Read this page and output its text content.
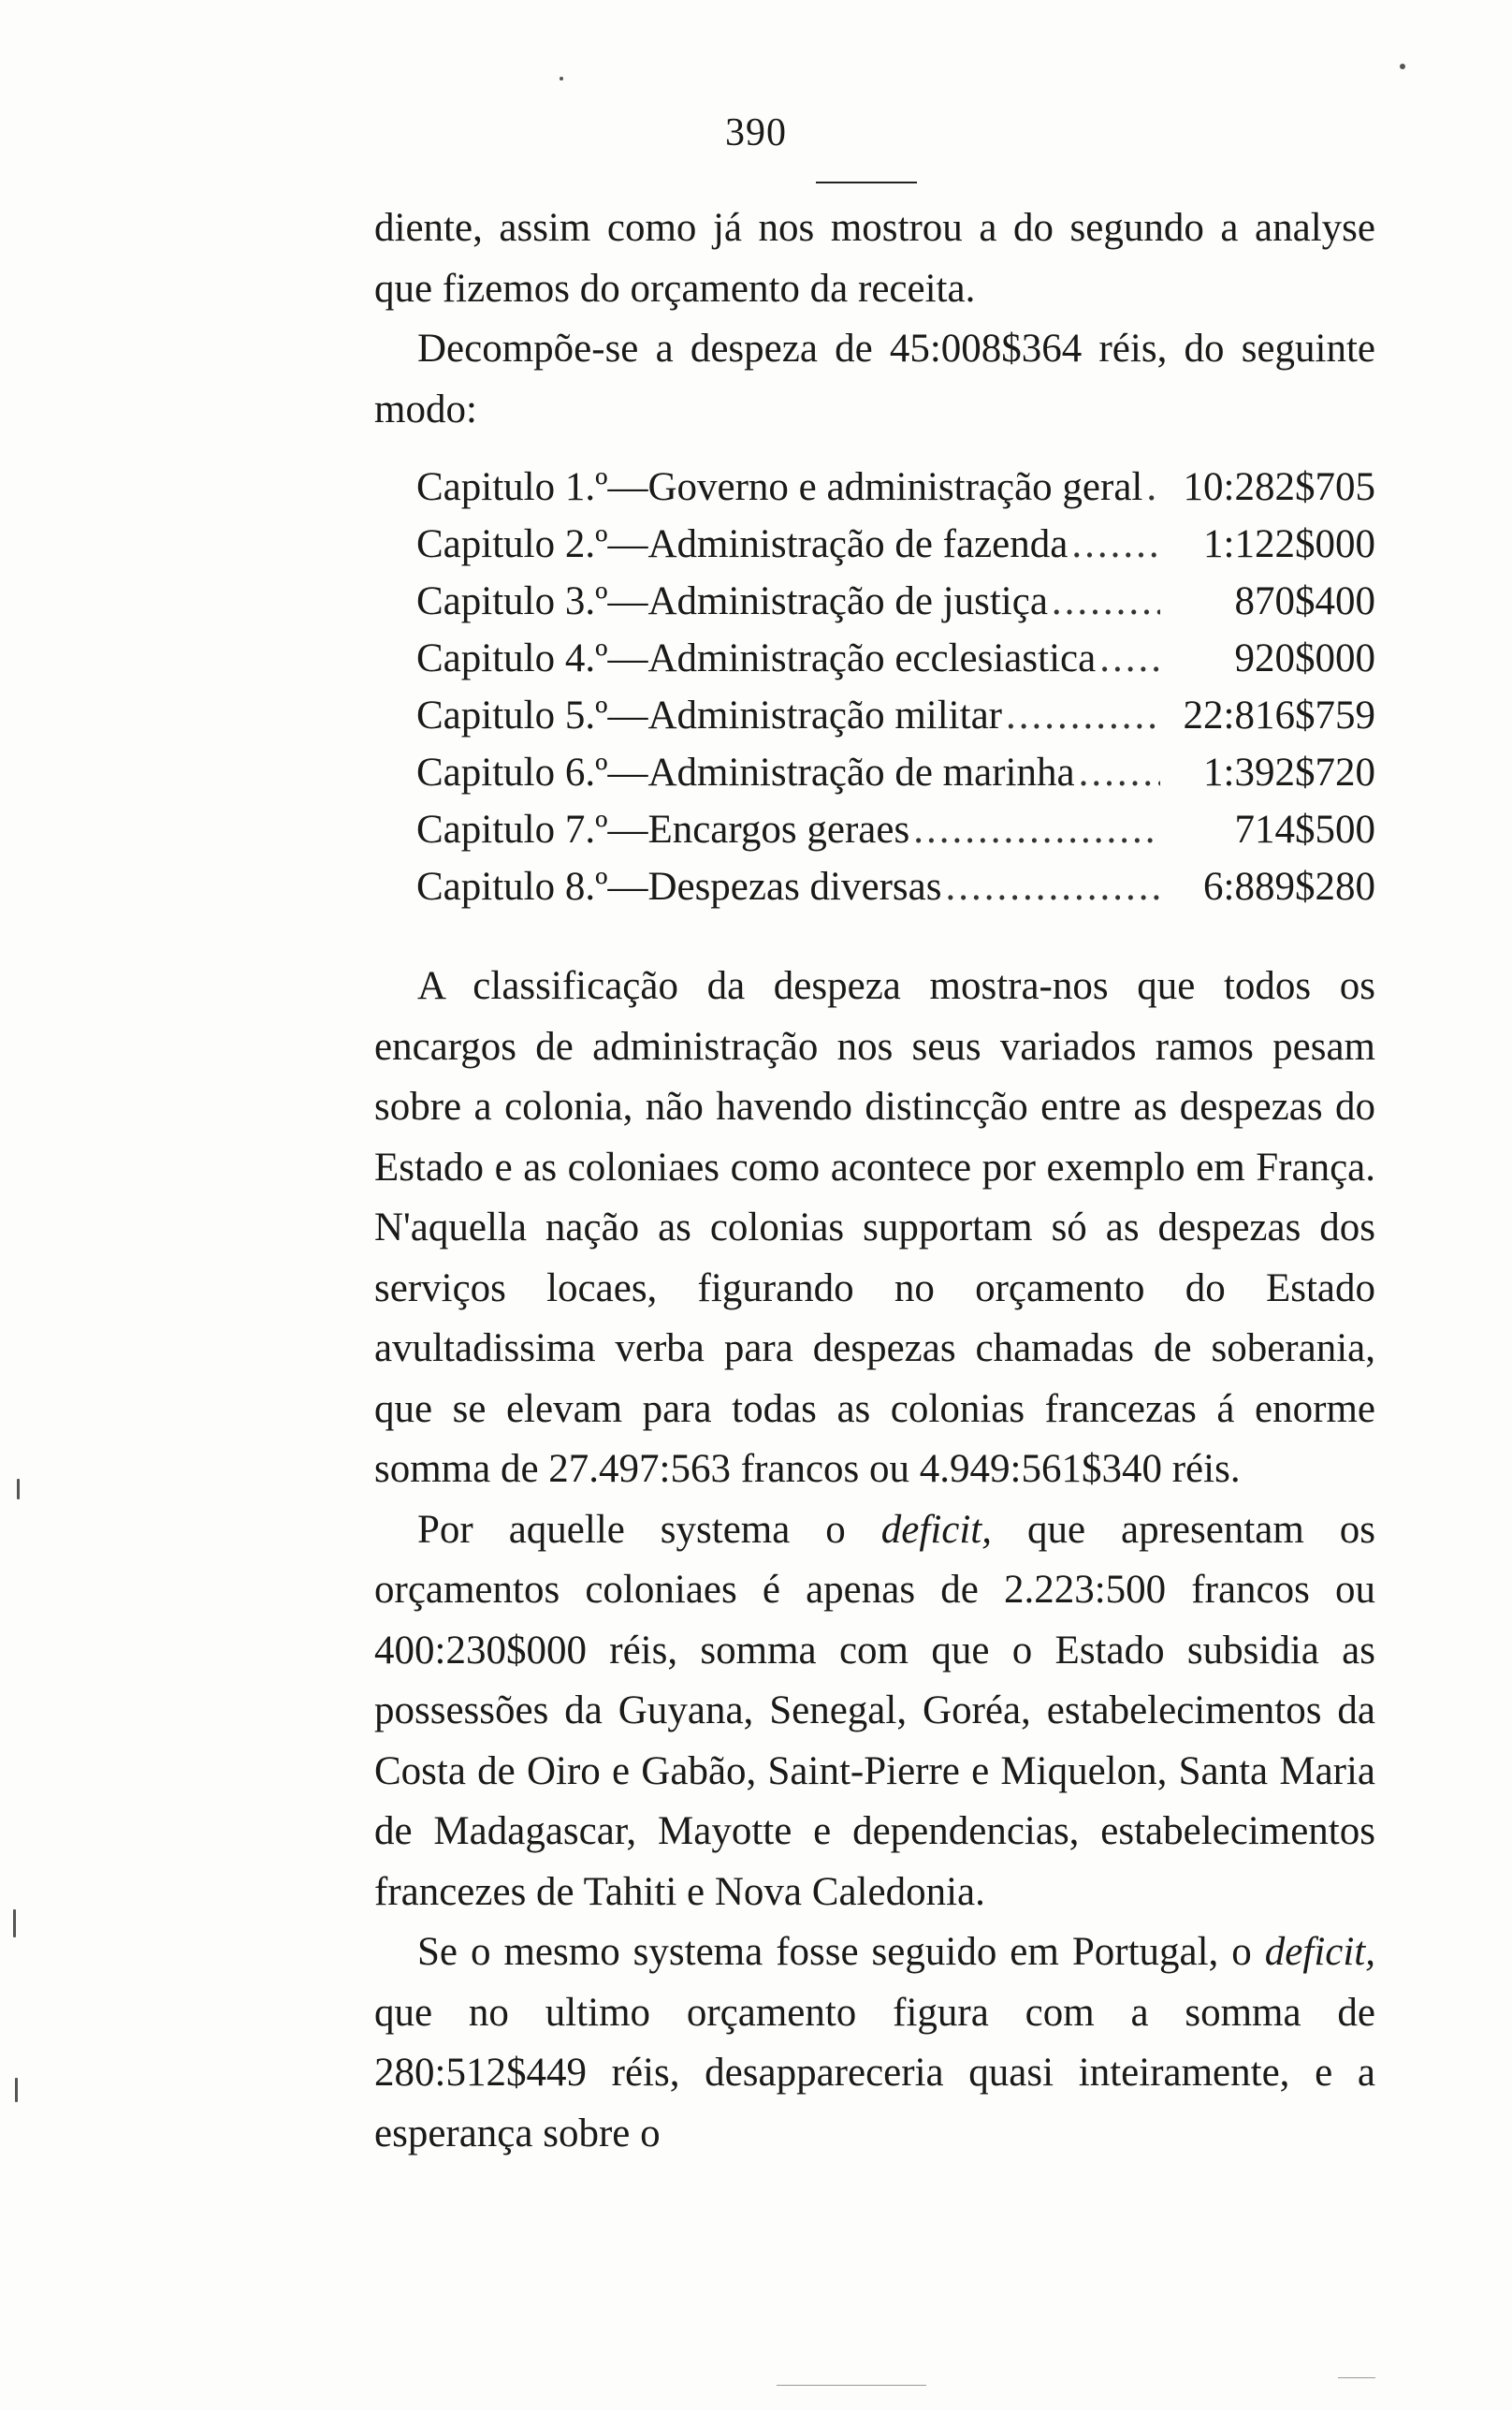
390

diente, assim como já nos mostrou a do segundo a analyse que fizemos do orçamento da receita.

Decompõe-se a despeza de 45:008$364 réis, do seguinte modo:

Capitulo 1.º—Governo e administração geral .....	10:282$705
Capitulo 2.º—Administração de fazenda .....	1:122$000
Capitulo 3.º—Administração de justiça .....	870$400
Capitulo 4.º—Administração ecclesiastica .....	920$000
Capitulo 5.º—Administração militar .....	22:816$759
Capitulo 6.º—Administração de marinha .....	1:392$720
Capitulo 7.º—Encargos geraes .....	714$500
Capitulo 8.º—Despezas diversas .....	6:889$280

A classificação da despeza mostra-nos que todos os encargos de administração nos seus variados ramos pesam sobre a colonia, não havendo distincção entre as despezas do Estado e as coloniaes como acontece por exemplo em França. N'aquella nação as colonias supportam só as despezas dos serviços locaes, figurando no orçamento do Estado avultadissima verba para despezas chamadas de soberania, que se elevam para todas as colonias francezas á enorme somma de 27.497:563 francos ou 4.949:561$340 réis.

Por aquelle systema o deficit, que apresentam os orçamentos coloniaes é apenas de 2.223:500 francos ou 400:230$000 réis, somma com que o Estado subsidia as possessões da Guyana, Senegal, Goréa, estabelecimentos da Costa de Oiro e Gabão, Saint-Pierre e Miquelon, Santa Maria de Madagascar, Mayotte e dependencias, estabelecimentos francezes de Tahiti e Nova Caledonia.

Se o mesmo systema fosse seguido em Portugal, o deficit, que no ultimo orçamento figura com a somma de 280:512$449 réis, desappareceria quasi inteiramente, e a esperança sobre o
